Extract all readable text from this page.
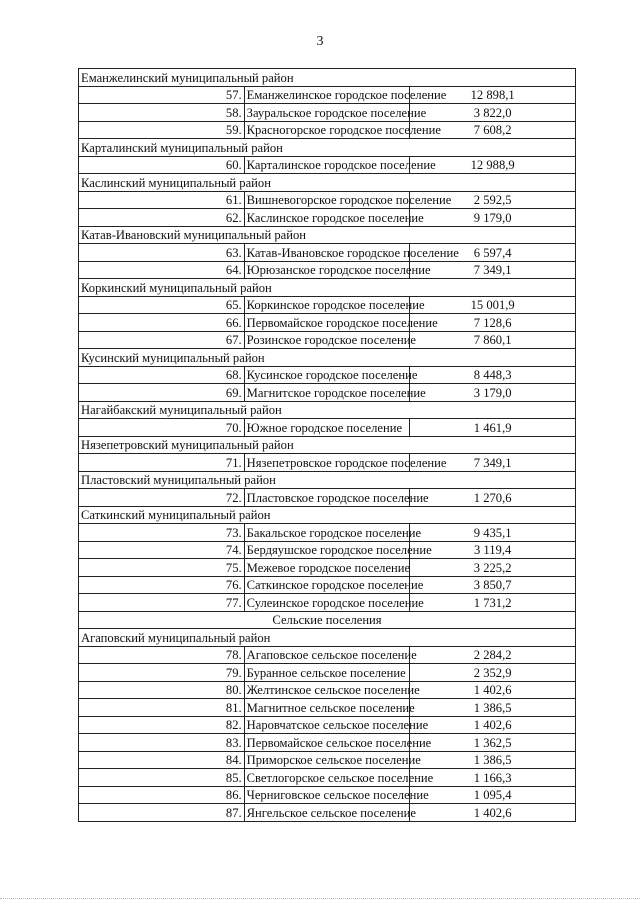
3
Еманжелинский муниципальный район		
57.	Еманжелинское городское поселение	12 898,1
58.	Зауральское городское поселение	3 822,0
59.	Красногорское городское поселение	7 608,2
Карталинский муниципальный район		
60.	Карталинское городское поселение	12 988,9
Каслинский муниципальный район		
61.	Вишневогорское городское поселение	2 592,5
62.	Каслинское городское поселение	9 179,0
Катав-Ивановский муниципальный район		
63.	Катав-Ивановское городское поселение	6 597,4
64.	Юрюзанское городское поселение	7 349,1
Коркинский муниципальный район		
65.	Коркинское городское поселение	15 001,9
66.	Первомайское городское поселение	7 128,6
67.	Розинское городское поселение	7 860,1
Кусинский муниципальный район		
68.	Кусинское городское поселение	8 448,3
69.	Магнитское городское поселение	3 179,0
Нагайбакский муниципальный район		
70.	Южное городское поселение	1 461,9
Нязепетровский муниципальный район		
71.	Нязепетровское городское поселение	7 349,1
Пластовский муниципальный район		
72.	Пластовское городское поселение	1 270,6
Саткинский муниципальный район		
73.	Бакальское городское поселение	9 435,1
74.	Бердяушское городское поселение	3 119,4
75.	Межевое городское поселение	3 225,2
76.	Саткинское городское поселение	3 850,7
77.	Сулеинское городское поселение	1 731,2
Сельские поселения		
Агаповский муниципальный район		
78.	Агаповское сельское поселение	2 284,2
79.	Буранное сельское поселение	2 352,9
80.	Желтинское сельское поселение	1 402,6
81.	Магнитное сельское поселение	1 386,5
82.	Наровчатское сельское поселение	1 402,6
83.	Первомайское сельское поселение	1 362,5
84.	Приморское сельское поселение	1 386,5
85.	Светлогорское сельское поселение	1 166,3
86.	Черниговское сельское поселение	1 095,4
87.	Янгельское сельское поселение	1 402,6
